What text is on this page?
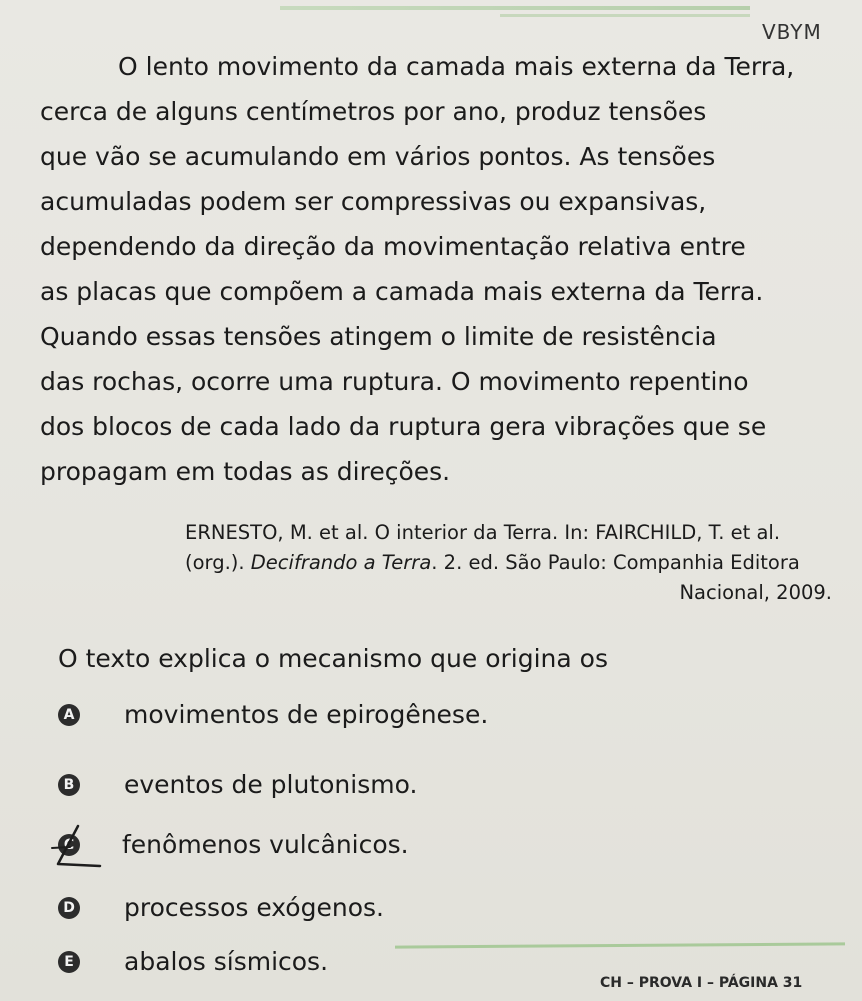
VBYM
O lento movimento da camada mais externa da Terra,
cerca de alguns centímetros por ano, produz tensões
que vão se acumulando em vários pontos. As tensões
acumuladas podem ser compressivas ou expansivas,
dependendo da direção da movimentação relativa entre
as placas que compõem a camada mais externa da Terra.
Quando essas tensões atingem o limite de resistência
das rochas, ocorre uma ruptura. O movimento repentino
dos blocos de cada lado da ruptura gera vibrações que se
propagam em todas as direções.
ERNESTO, M. et al. O interior da Terra. In: FAIRCHILD, T. et al.
(org.). Decifrando a Terra. 2. ed. São Paulo: Companhia Editora
Nacional, 2009.
O texto explica o mecanismo que origina os
A movimentos de epirogênese.
B eventos de plutonismo.
C fenômenos vulcânicos.
D processos exógenos.
E abalos sísmicos.
CH – PROVA I – PÁGINA 31
